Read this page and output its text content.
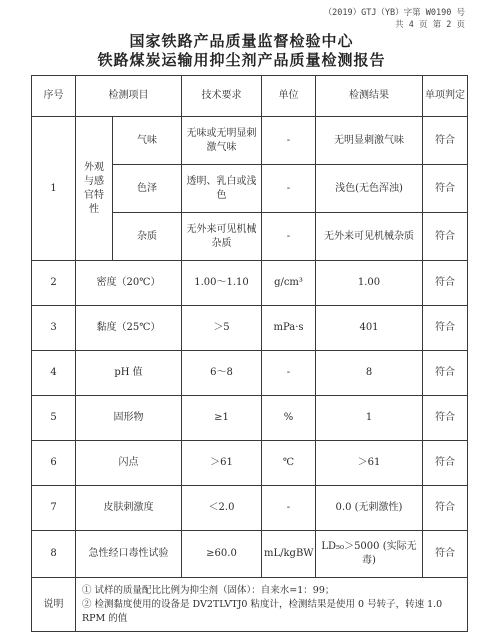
（2019）GTJ（YB）字第 W0190 号
共 4 页 第 2 页
国家铁路产品质量监督检验中心
铁路煤炭运输用抑尘剂产品质量检测报告
序号	检测项目		技术要求	单位	检测结果	单项判定
1	外观与感官特性	气味	无味或无明显刺激气味	-	无明显刺激气味	符合
		色泽	透明、乳白或浅色	-	浅色(无色浑浊)	符合
		杂质	无外来可见机械杂质	-	无外来可见机械杂质	符合
2	密度（20℃）		1.00～1.10	g/cm³	1.00	符合
3	黏度（25℃）		＞5	mPa·s	401	符合
4	pH 值		6～8	-	8	符合
5	固形物		≥1	%	1	符合
6	闪点		＞61	℃	＞61	符合
7	皮肤刺激度		＜2.0	-	0.0 (无刺激性)	符合
8	急性经口毒性试验		≥60.0	mL/kgBW	LD₅₀＞5000 (实际无毒)	符合
说明	① 试样的质量配比比例为抑尘剂（固体）：自来水=1：99；
② 检测黏度使用的设备是 DV2TLVTJ0 粘度计，检测结果是使用 0 号转子，转速 1.0 RPM 的值					
